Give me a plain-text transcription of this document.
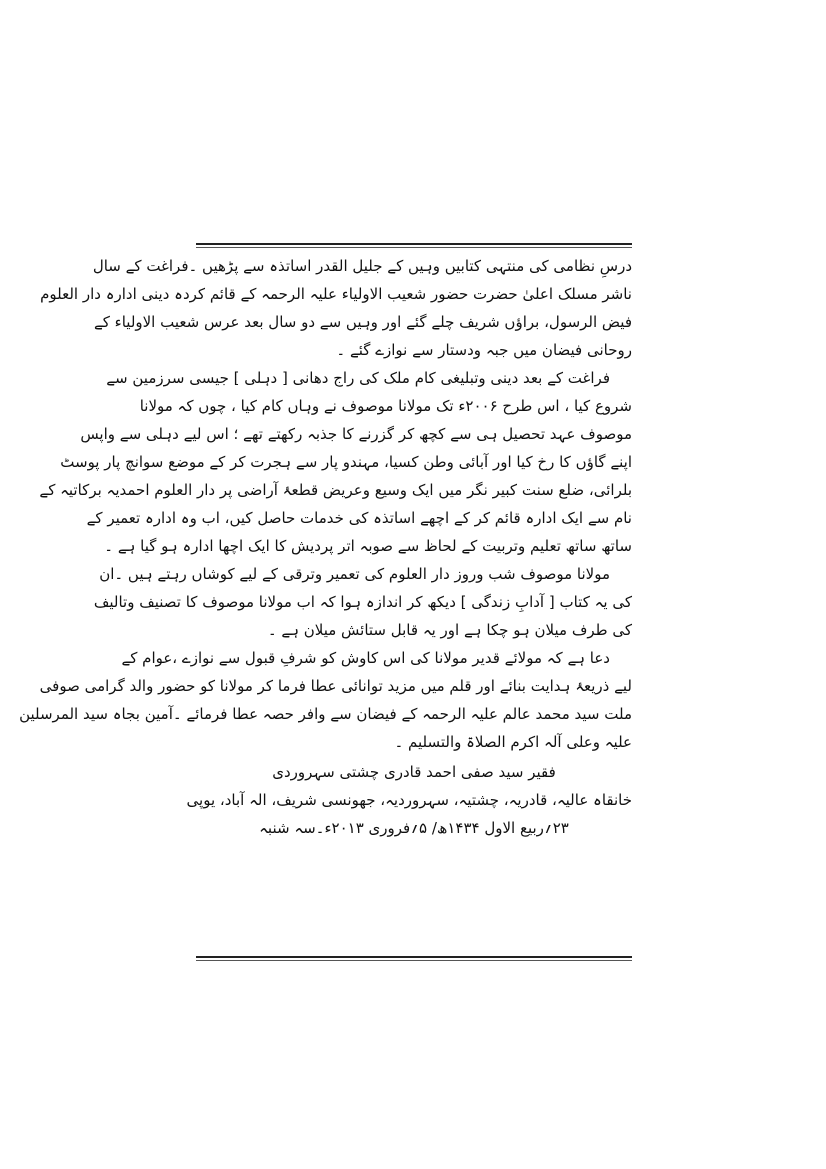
درسِ نظامی کی منتہی کتابیں وہیں کے جلیل القدر اساتذہ سے پڑھیں ۔فراغت کے سال
ناشر مسلک اعلیٰ حضرت حضور شعیب الاولیاء علیہ الرحمہ کے قائم کردہ دینی ادارہ دار العلوم
فیض الرسول، براؤں شریف چلے گئے اور وہیں سے دو سال بعد عرس شعیب الاولیاء کے
روحانی فیضان میں جبہ ودستار سے نوازے گئے ۔
فراغت کے بعد دینی وتبلیغی کام ملک کی راج دھانی [ دہلی ] جیسی سرزمین سے
شروع کیا ، اس طرح ۲۰۰۶ء تک مولانا موصوف نے وہاں کام کیا ، چوں کہ مولانا
موصوف عہد تحصیل ہی سے کچھ کر گزرنے کا جذبہ رکھتے تھے ؛ اس لیے دہلی سے واپس
اپنے گاؤں کا رخ کیا اور آبائی وطن کسیا، مہندو پار سے ہجرت کر کے موضع سوانچ پار پوسٹ
بلرائی، ضلع سنت کبیر نگر میں ایک وسیع وعریض قطعۂ آراضی پر دار العلوم احمدیہ برکاتیہ کے
نام سے ایک ادارہ قائم کر کے اچھے اساتذہ کی خدمات حاصل کیں، اب وہ ادارہ تعمیر کے
ساتھ ساتھ تعلیم وتربیت کے لحاظ سے صوبہ اتر پردیش کا ایک اچھا ادارہ ہو گیا ہے ۔
مولانا موصوف شب وروز دار العلوم کی تعمیر وترقی کے لیے کوشاں رہتے ہیں ۔ان
کی یہ کتاب [ آدابِ زندگی ] دیکھ کر اندازہ ہوا کہ اب مولانا موصوف کا تصنیف وتالیف
کی طرف میلان ہو چکا ہے اور یہ قابل ستائش میلان ہے ۔
دعا ہے کہ مولائے قدیر مولانا کی اس کاوش کو شرفِ قبول سے نوازے ،عوام کے
لیے ذریعۂ ہدایت بنائے اور قلم میں مزید توانائی عطا فرما کر مولانا کو حضور والد گرامی صوفی
ملت سید محمد عالم علیہ الرحمہ کے فیضان سے وافر حصہ عطا فرمائے ۔آمین بجاہ سید المرسلین
علیہ وعلی آلہ اکرم الصلاۃ والتسلیم ۔
فقیر سید صفی احمد قادری چشتی سہروردی
خانقاہ عالیہ، قادریہ، چشتیہ، سہروردیہ، جھونسی شریف، الہ آباد، یوپی
۲۳؍ربیع الاول ۱۴۳۴ھ/ ۵؍فروری ۲۰۱۳ء۔سہ شنبہ
